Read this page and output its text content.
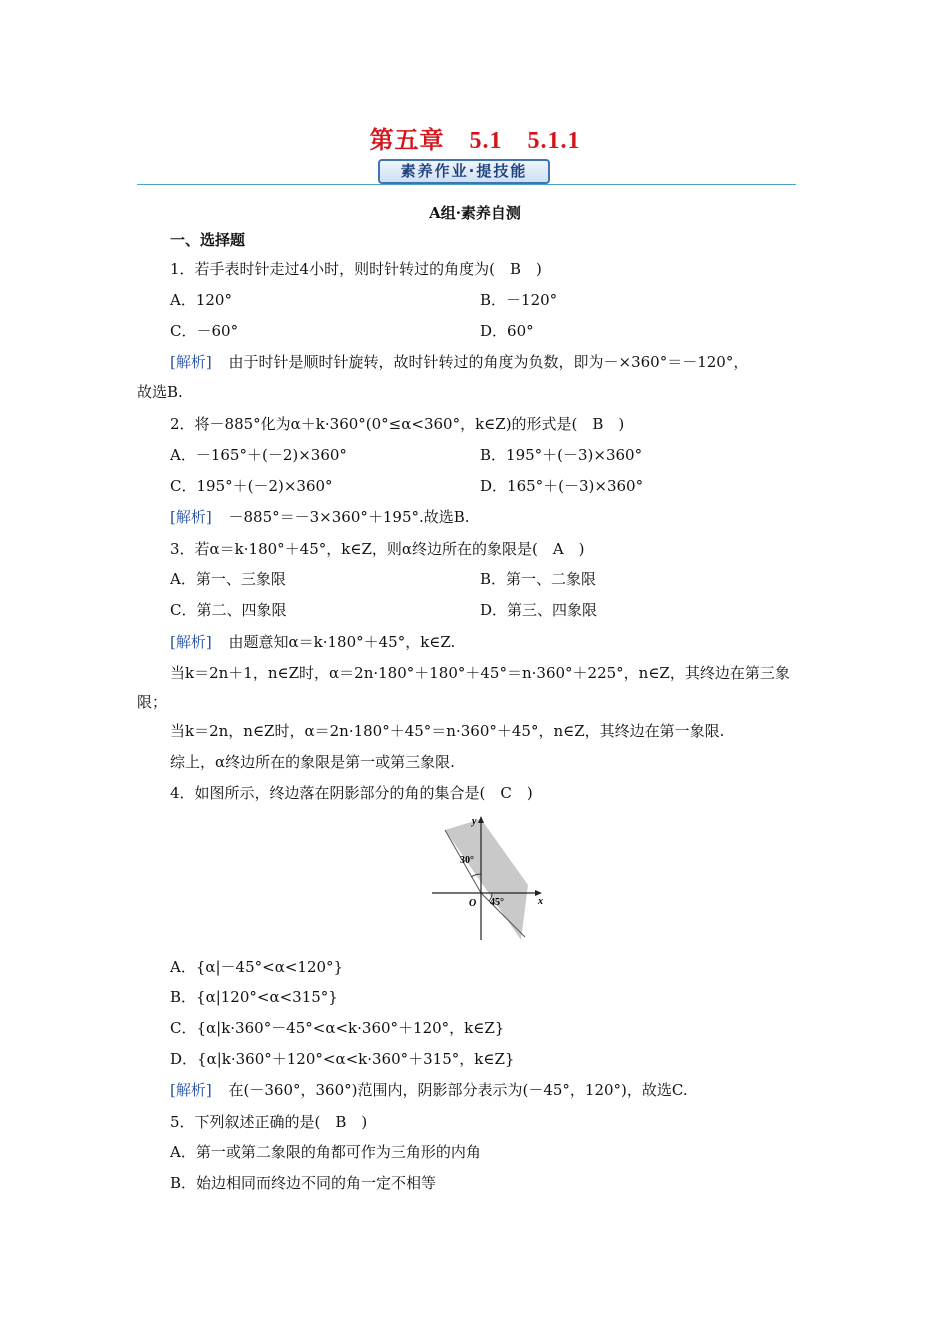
第五章　5.1　5.1.1
素养作业·提技能
A组·素养自测
一、选择题
1．若手表时针走过4小时，则时针转过的角度为(　B　)
A．120°	B．－120°
C．－60°	D．60°
[解析] 由于时针是顺时针旋转，故时针转过的角度为负数，即为－×360°＝－120°，
故选B.
2．将－885°化为α＋k·360°(0°≤α<360°，k∈Z)的形式是(　B　)
A．－165°＋(－2)×360°	B．195°＋(－3)×360°
C．195°＋(－2)×360°	D．165°＋(－3)×360°
[解析] －885°＝－3×360°＋195°.故选B.
3．若α＝k·180°＋45°，k∈Z，则α终边所在的象限是(　A　)
A．第一、三象限	B．第一、二象限
C．第二、四象限	D．第三、四象限
[解析] 由题意知α＝k·180°＋45°，k∈Z.
当k＝2n＋1，n∈Z时，α＝2n·180°＋180°＋45°＝n·360°＋225°，n∈Z，其终边在第三象
限；
当k＝2n，n∈Z时，α＝2n·180°＋45°＝n·360°＋45°，n∈Z，其终边在第一象限.
综上，α终边所在的象限是第一或第三象限.
4．如图所示，终边落在阴影部分的角的集合是(　C　)
y
x
O
30°
45°
A．{α|－45°<α<120°}
B．{α|120°<α<315°}
C．{α|k·360°－45°<α<k·360°＋120°，k∈Z}
D．{α|k·360°＋120°<α<k·360°＋315°，k∈Z}
[解析] 在(－360°，360°)范围内，阴影部分表示为(－45°，120°)，故选C.
5．下列叙述正确的是(　B　)
A．第一或第二象限的角都可作为三角形的内角
B．始边相同而终边不同的角一定不相等
